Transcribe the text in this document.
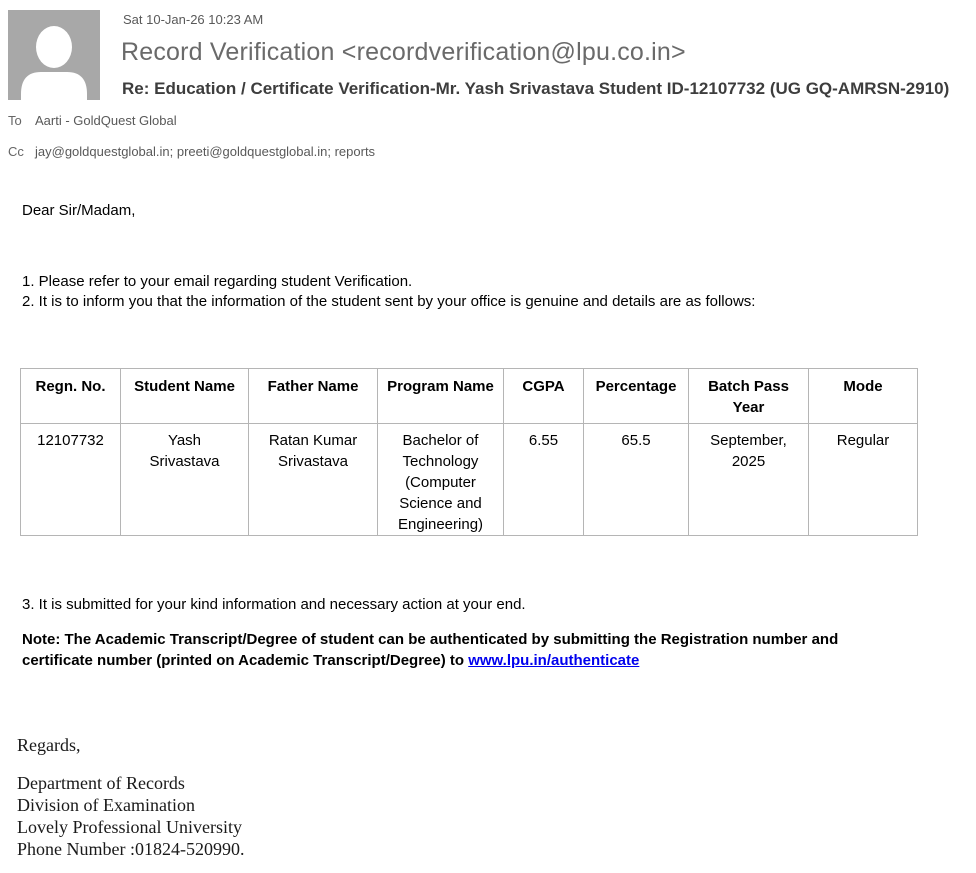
Sat 10-Jan-26 10:23 AM
Record Verification <recordverification@lpu.co.in>
Re: Education / Certificate Verification-Mr. Yash Srivastava Student ID-12107732 (UG GQ-AMRSN-2910)
To Aarti - GoldQuest Global
Cc jay@goldquestglobal.in; preeti@goldquestglobal.in; reports
Dear Sir/Madam,
1. Please refer to your email regarding student Verification.
2. It is to inform you that the information of the student sent by your office is genuine and details are as follows:
Regn. No.	Student Name	Father Name	Program Name	CGPA	Percentage	Batch Pass Year	Mode
12107732	Yash Srivastava	Ratan Kumar Srivastava	Bachelor of Technology (Computer Science and Engineering)	6.55	65.5	September, 2025	Regular
3. It is submitted for your kind information and necessary action at your end.
Note: The Academic Transcript/Degree of student can be authenticated by submitting the Registration number and certificate number (printed on Academic Transcript/Degree) to www.lpu.in/authenticate
Regards,
Department of Records
Division of Examination
Lovely Professional University
Phone Number :01824-520990.
